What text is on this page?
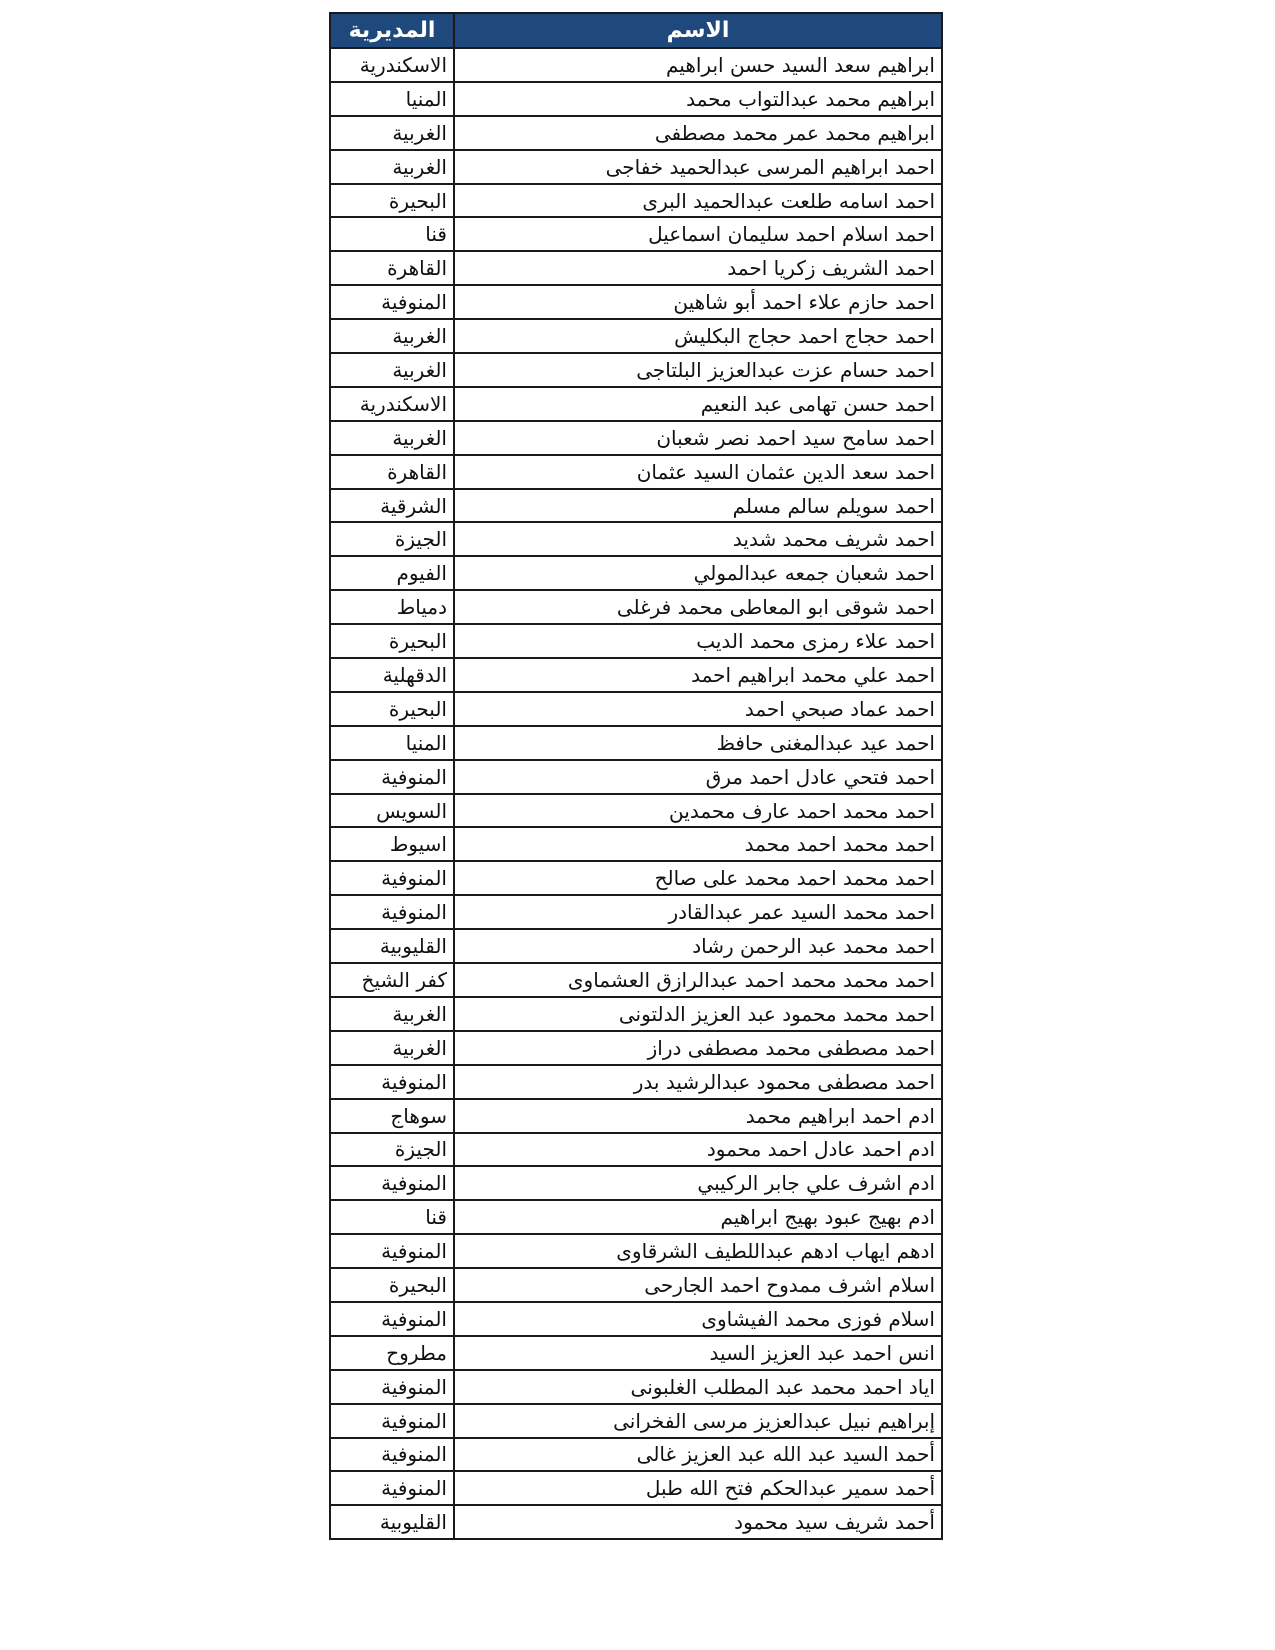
الاسم	المديرية
ابراهيم سعد السيد حسن ابراهيم	الاسكندرية
ابراهيم محمد عبدالتواب محمد	المنيا
ابراهيم محمد عمر محمد مصطفى	الغربية
احمد ابراهيم المرسى عبدالحميد خفاجى	الغربية
احمد اسامه طلعت عبدالحميد البرى	البحيرة
احمد اسلام احمد سليمان اسماعيل	قنا
احمد الشريف زكريا احمد	القاهرة
احمد حازم علاء احمد أبو شاهين	المنوفية
احمد حجاج احمد حجاج البكليش	الغربية
احمد حسام عزت عبدالعزيز البلتاجى	الغربية
احمد حسن تهامى عبد النعيم	الاسكندرية
احمد سامح سيد احمد نصر شعبان	الغربية
احمد سعد الدين عثمان السيد عثمان	القاهرة
احمد سويلم سالم مسلم	الشرقية
احمد شريف محمد شديد	الجيزة
احمد شعبان جمعه عبدالمولي	الفيوم
احمد شوقى ابو المعاطى محمد فرغلى	دمياط
احمد علاء رمزى محمد الديب	البحيرة
احمد علي محمد ابراهيم احمد	الدقهلية
احمد عماد صبحي احمد	البحيرة
احمد عيد عبدالمغنى حافظ	المنيا
احمد فتحي عادل احمد مرق	المنوفية
احمد محمد احمد عارف محمدين	السويس
احمد محمد احمد محمد	اسيوط
احمد محمد احمد محمد على صالح	المنوفية
احمد محمد السيد عمر عبدالقادر	المنوفية
احمد محمد عبد الرحمن رشاد	القليوبية
احمد محمد محمد احمد عبدالرازق العشماوى	كفر الشيخ
احمد محمد محمود عبد العزيز الدلتونى	الغربية
احمد مصطفى محمد مصطفى دراز	الغربية
احمد مصطفى محمود عبدالرشيد بدر	المنوفية
ادم احمد ابراهيم محمد	سوهاج
ادم احمد عادل احمد محمود	الجيزة
ادم اشرف علي جابر الركيبي	المنوفية
ادم بهيج عبود بهيج ابراهيم	قنا
ادهم ايهاب ادهم عبداللطيف الشرقاوى	المنوفية
اسلام اشرف ممدوح احمد الجارحى	البحيرة
اسلام فوزى محمد الفيشاوى	المنوفية
انس احمد عبد العزيز السيد	مطروح
اياد احمد محمد عبد المطلب الغلبونى	المنوفية
إبراهيم نبيل عبدالعزيز مرسى الفخرانى	المنوفية
أحمد السيد عبد الله عبد العزيز غالى	المنوفية
أحمد سمير عبدالحكم فتح الله طبل	المنوفية
أحمد شريف سيد محمود	القليوبية
